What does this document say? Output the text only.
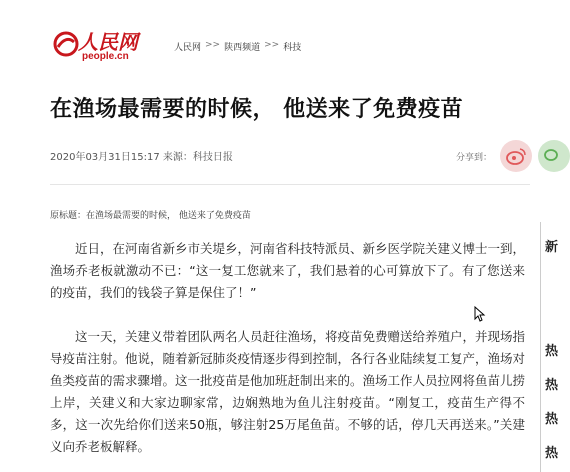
人民网
people.cn
人民网 >> 陕西频道 >> 科技
在渔场最需要的时候， 他送来了免费疫苗
2020年03月31日15:17 来源：科技日报	分享到：
原标题：在渔场最需要的时候， 他送来了免费疫苗

近日，在河南省新乡市关堤乡，河南省科技特派员、新乡医学院关建义博士一到，渔场乔老板就激动不已：“这一复工您就来了，我们悬着的心可算放下了。有了您送来的疫苗，我们的钱袋子算是保住了！”

这一天，关建义带着团队两名人员赶往渔场，将疫苗免费赠送给养殖户，并现场指导疫苗注射。他说，随着新冠肺炎疫情逐步得到控制，各行各业陆续复工复产，渔场对鱼类疫苗的需求骤增。这一批疫苗是他加班赶制出来的。渔场工作人员拉网将鱼苗儿捞上岸，关建义和大家边聊家常，边娴熟地为鱼儿注射疫苗。“刚复工，疫苗生产得不多，这一次先给你们送来50瓶，够注射25万尾鱼苗。不够的话，停几天再送来。”关建义向乔老板解释。

新
热
热
热
热
